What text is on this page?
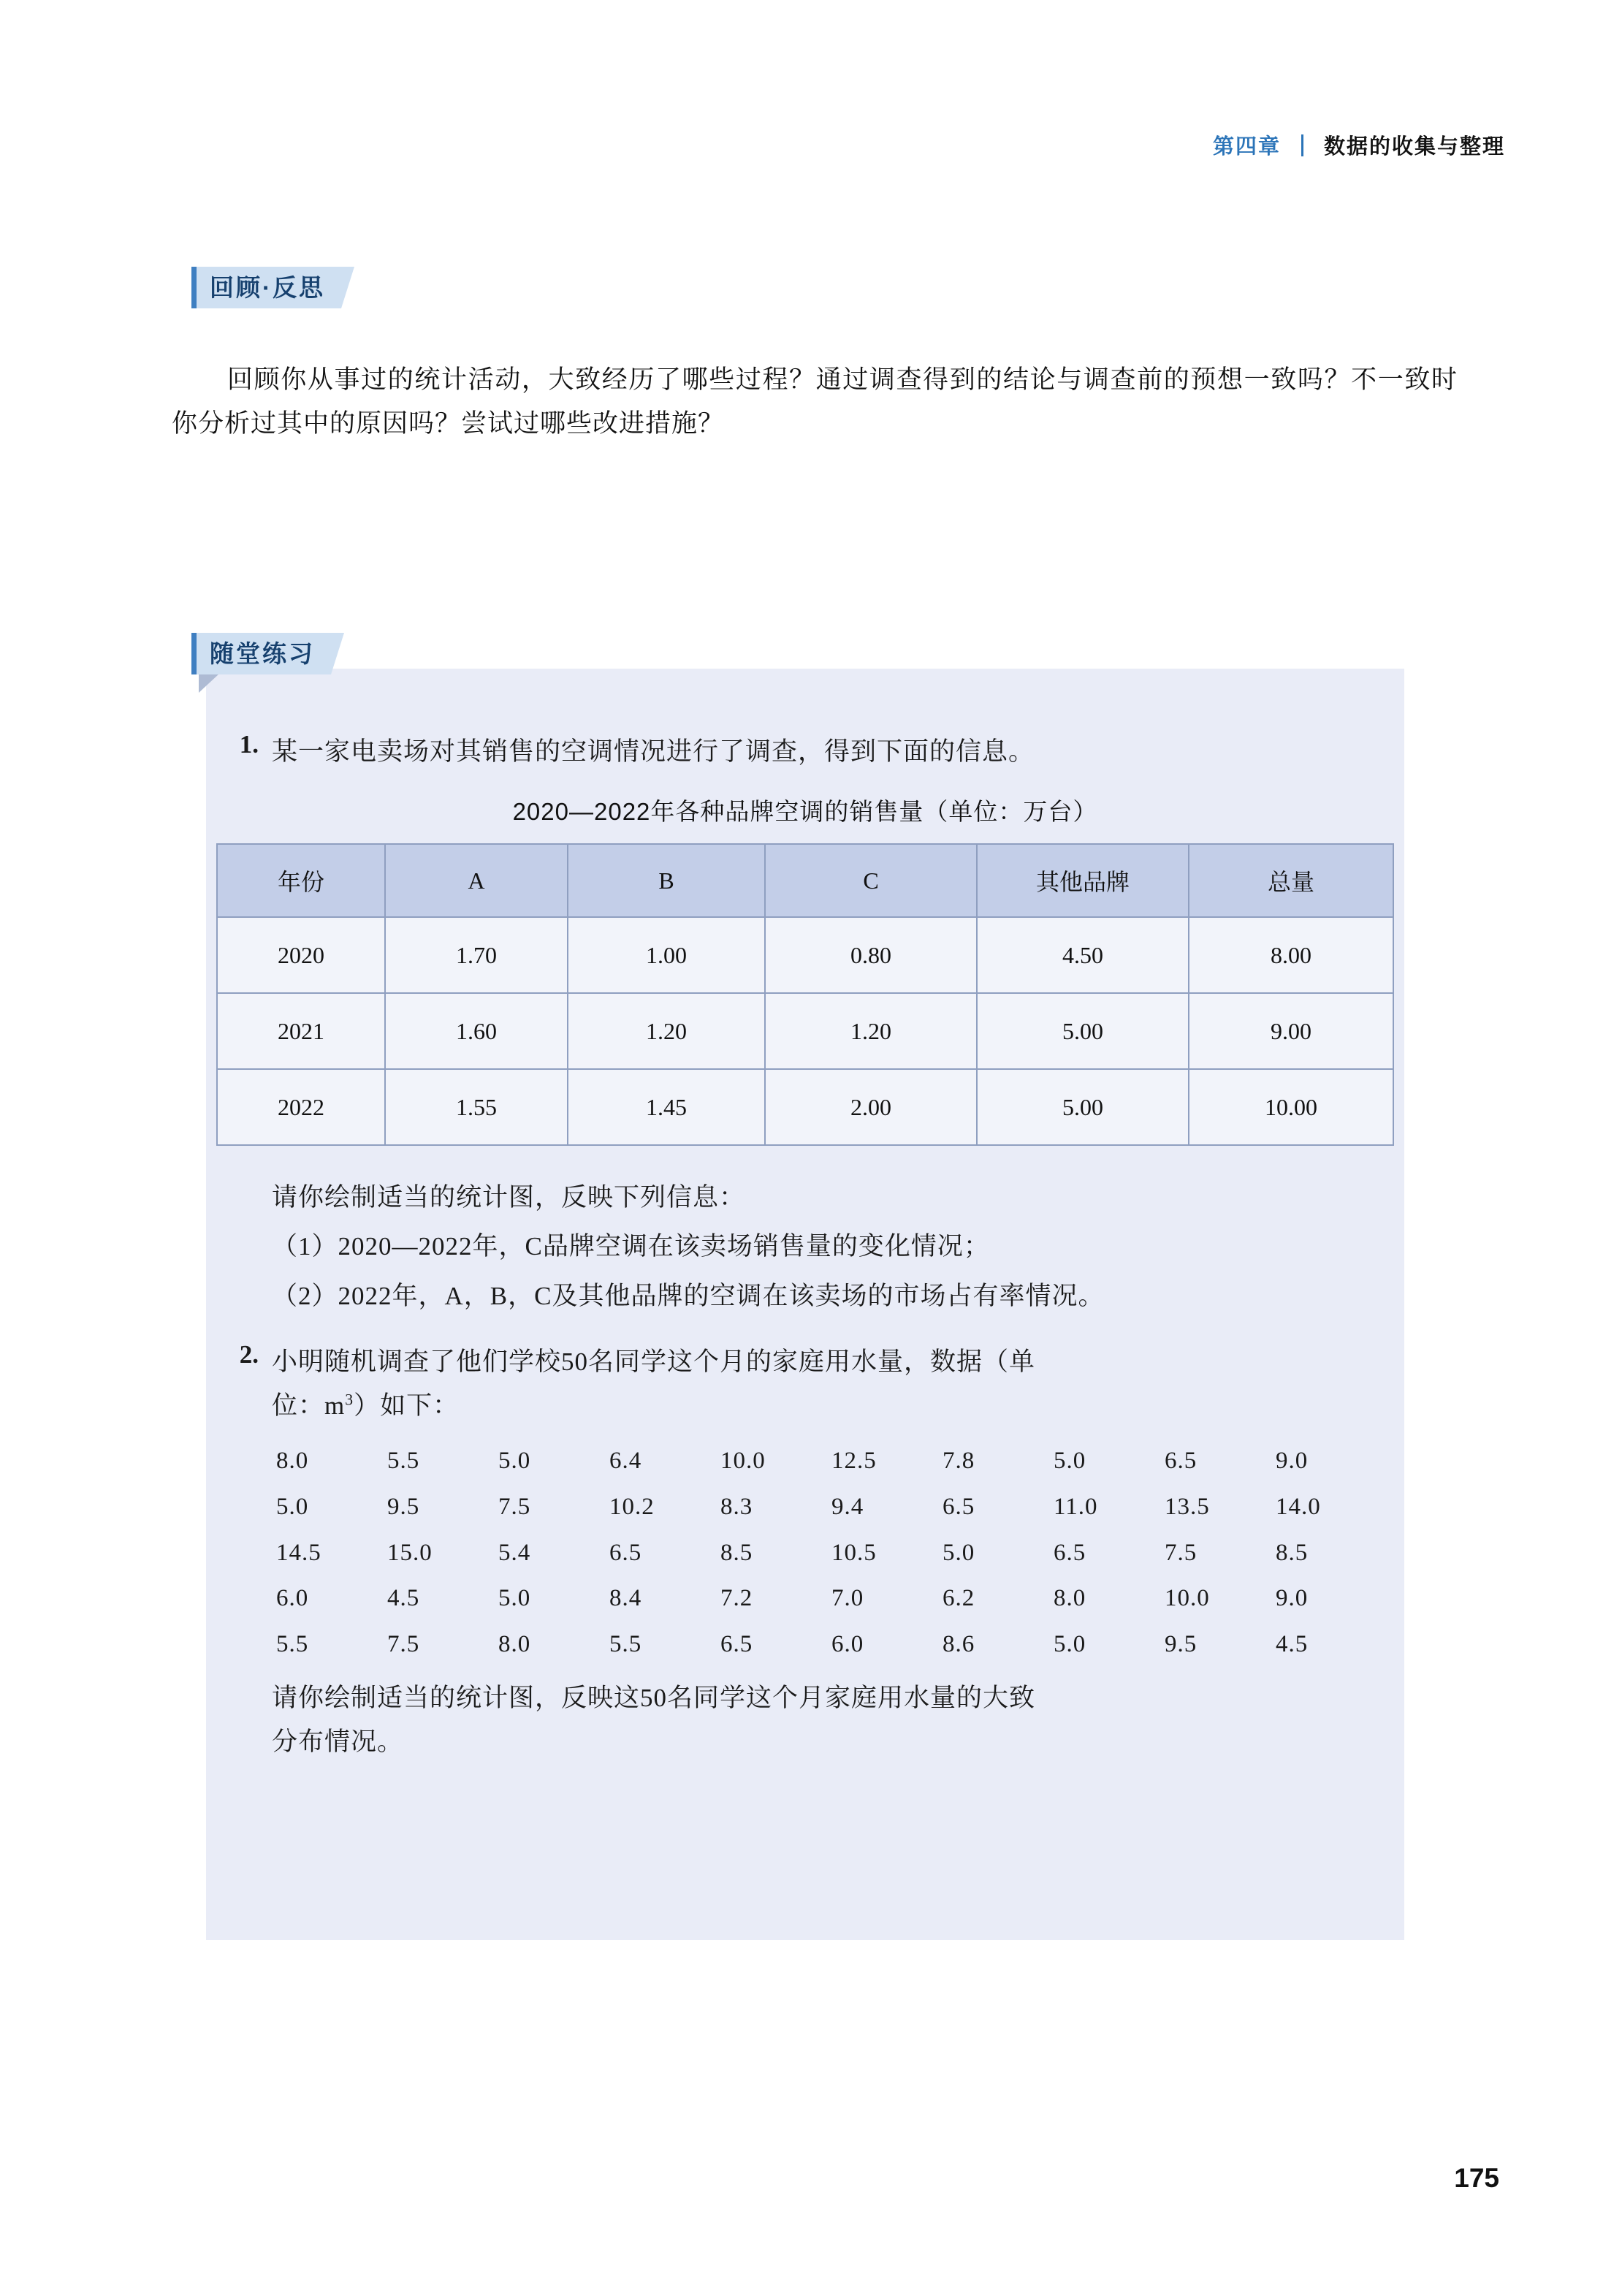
第四章 数据的收集与整理
回顾·反思
回顾你从事过的统计活动，大致经历了哪些过程？通过调查得到的结论与调查前的预想一致吗？不一致时你分析过其中的原因吗？尝试过哪些改进措施？
随堂练习
1. 某一家电卖场对其销售的空调情况进行了调查，得到下面的信息。
2020—2022年各种品牌空调的销售量（单位：万台）
年份	A	B	C	其他品牌	总量
2020	1.70	1.00	0.80	4.50	8.00
2021	1.60	1.20	1.20	5.00	9.00
2022	1.55	1.45	2.00	5.00	10.00
请你绘制适当的统计图，反映下列信息：
（1）2020—2022年，C品牌空调在该卖场销售量的变化情况；
（2）2022年，A，B，C及其他品牌的空调在该卖场的市场占有率情况。
2. 小明随机调查了他们学校50名同学这个月的家庭用水量，数据（单
位：$m^3$）如下：
8.0	5.5	5.0	6.4	10.0	12.5	7.8	5.0	6.5	9.0
5.0	9.5	7.5	10.2	8.3	9.4	6.5	11.0	13.5	14.0
14.5	15.0	5.4	6.5	8.5	10.5	5.0	6.5	7.5	8.5
6.0	4.5	5.0	8.4	7.2	7.0	6.2	8.0	10.0	9.0
5.5	7.5	8.0	5.5	6.5	6.0	8.6	5.0	9.5	4.5
请你绘制适当的统计图，反映这50名同学这个月家庭用水量的大致
分布情况。
175
